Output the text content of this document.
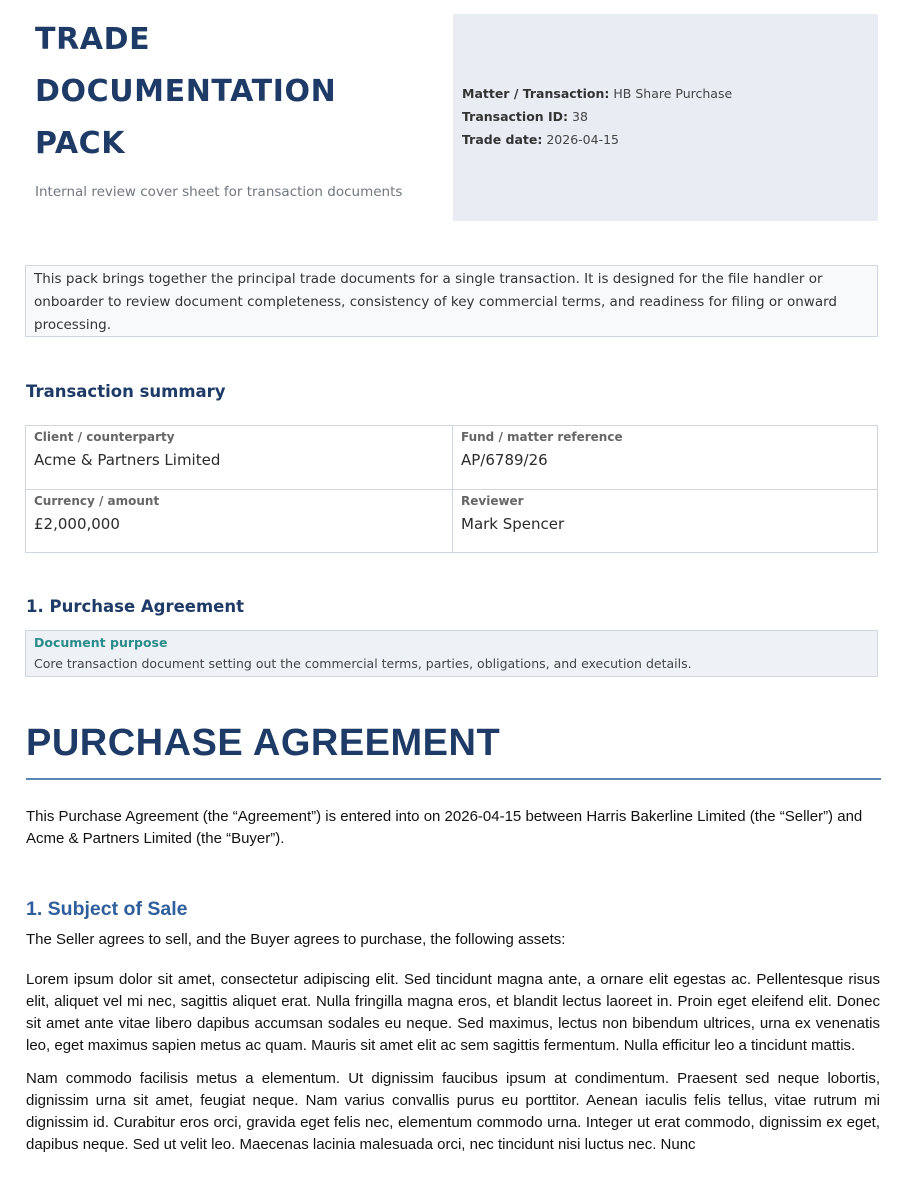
TRADE
DOCUMENTATION
PACK
Internal review cover sheet for transaction documents
Matter / Transaction: HB Share Purchase
Transaction ID: 38
Trade date: 2026-04-15
This pack brings together the principal trade documents for a single transaction. It is designed for the file handler or onboarder to review document completeness, consistency of key commercial terms, and readiness for filing or onward processing.
Transaction summary
Client / counterparty
Acme & Partners Limited
Fund / matter reference
AP/6789/26
Currency / amount
£2,000,000
Reviewer
Mark Spencer
1. Purchase Agreement
Document purpose
Core transaction document setting out the commercial terms, parties, obligations, and execution details.
PURCHASE AGREEMENT
This Purchase Agreement (the “Agreement”) is entered into on 2026-04-15 between Harris Bakerline Limited (the “Seller”) and Acme & Partners Limited (the “Buyer”).
1. Subject of Sale
The Seller agrees to sell, and the Buyer agrees to purchase, the following assets:
Lorem ipsum dolor sit amet, consectetur adipiscing elit. Sed tincidunt magna ante, a ornare elit egestas ac. Pellentesque risus elit, aliquet vel mi nec, sagittis aliquet erat. Nulla fringilla magna eros, et blandit lectus laoreet in. Proin eget eleifend elit. Donec sit amet ante vitae libero dapibus accumsan sodales eu neque. Sed maximus, lectus non bibendum ultrices, urna ex venenatis leo, eget maximus sapien metus ac quam. Mauris sit amet elit ac sem sagittis fermentum. Nulla efficitur leo a tincidunt mattis.
Nam commodo facilisis metus a elementum. Ut dignissim faucibus ipsum at condimentum. Praesent sed neque lobortis, dignissim urna sit amet, feugiat neque. Nam varius convallis purus eu porttitor. Aenean iaculis felis tellus, vitae rutrum mi dignissim id. Curabitur eros orci, gravida eget felis nec, elementum commodo urna. Integer ut erat commodo, dignissim ex eget, dapibus neque. Sed ut velit leo. Maecenas lacinia malesuada orci, nec tincidunt nisi luctus nec. Nunc
